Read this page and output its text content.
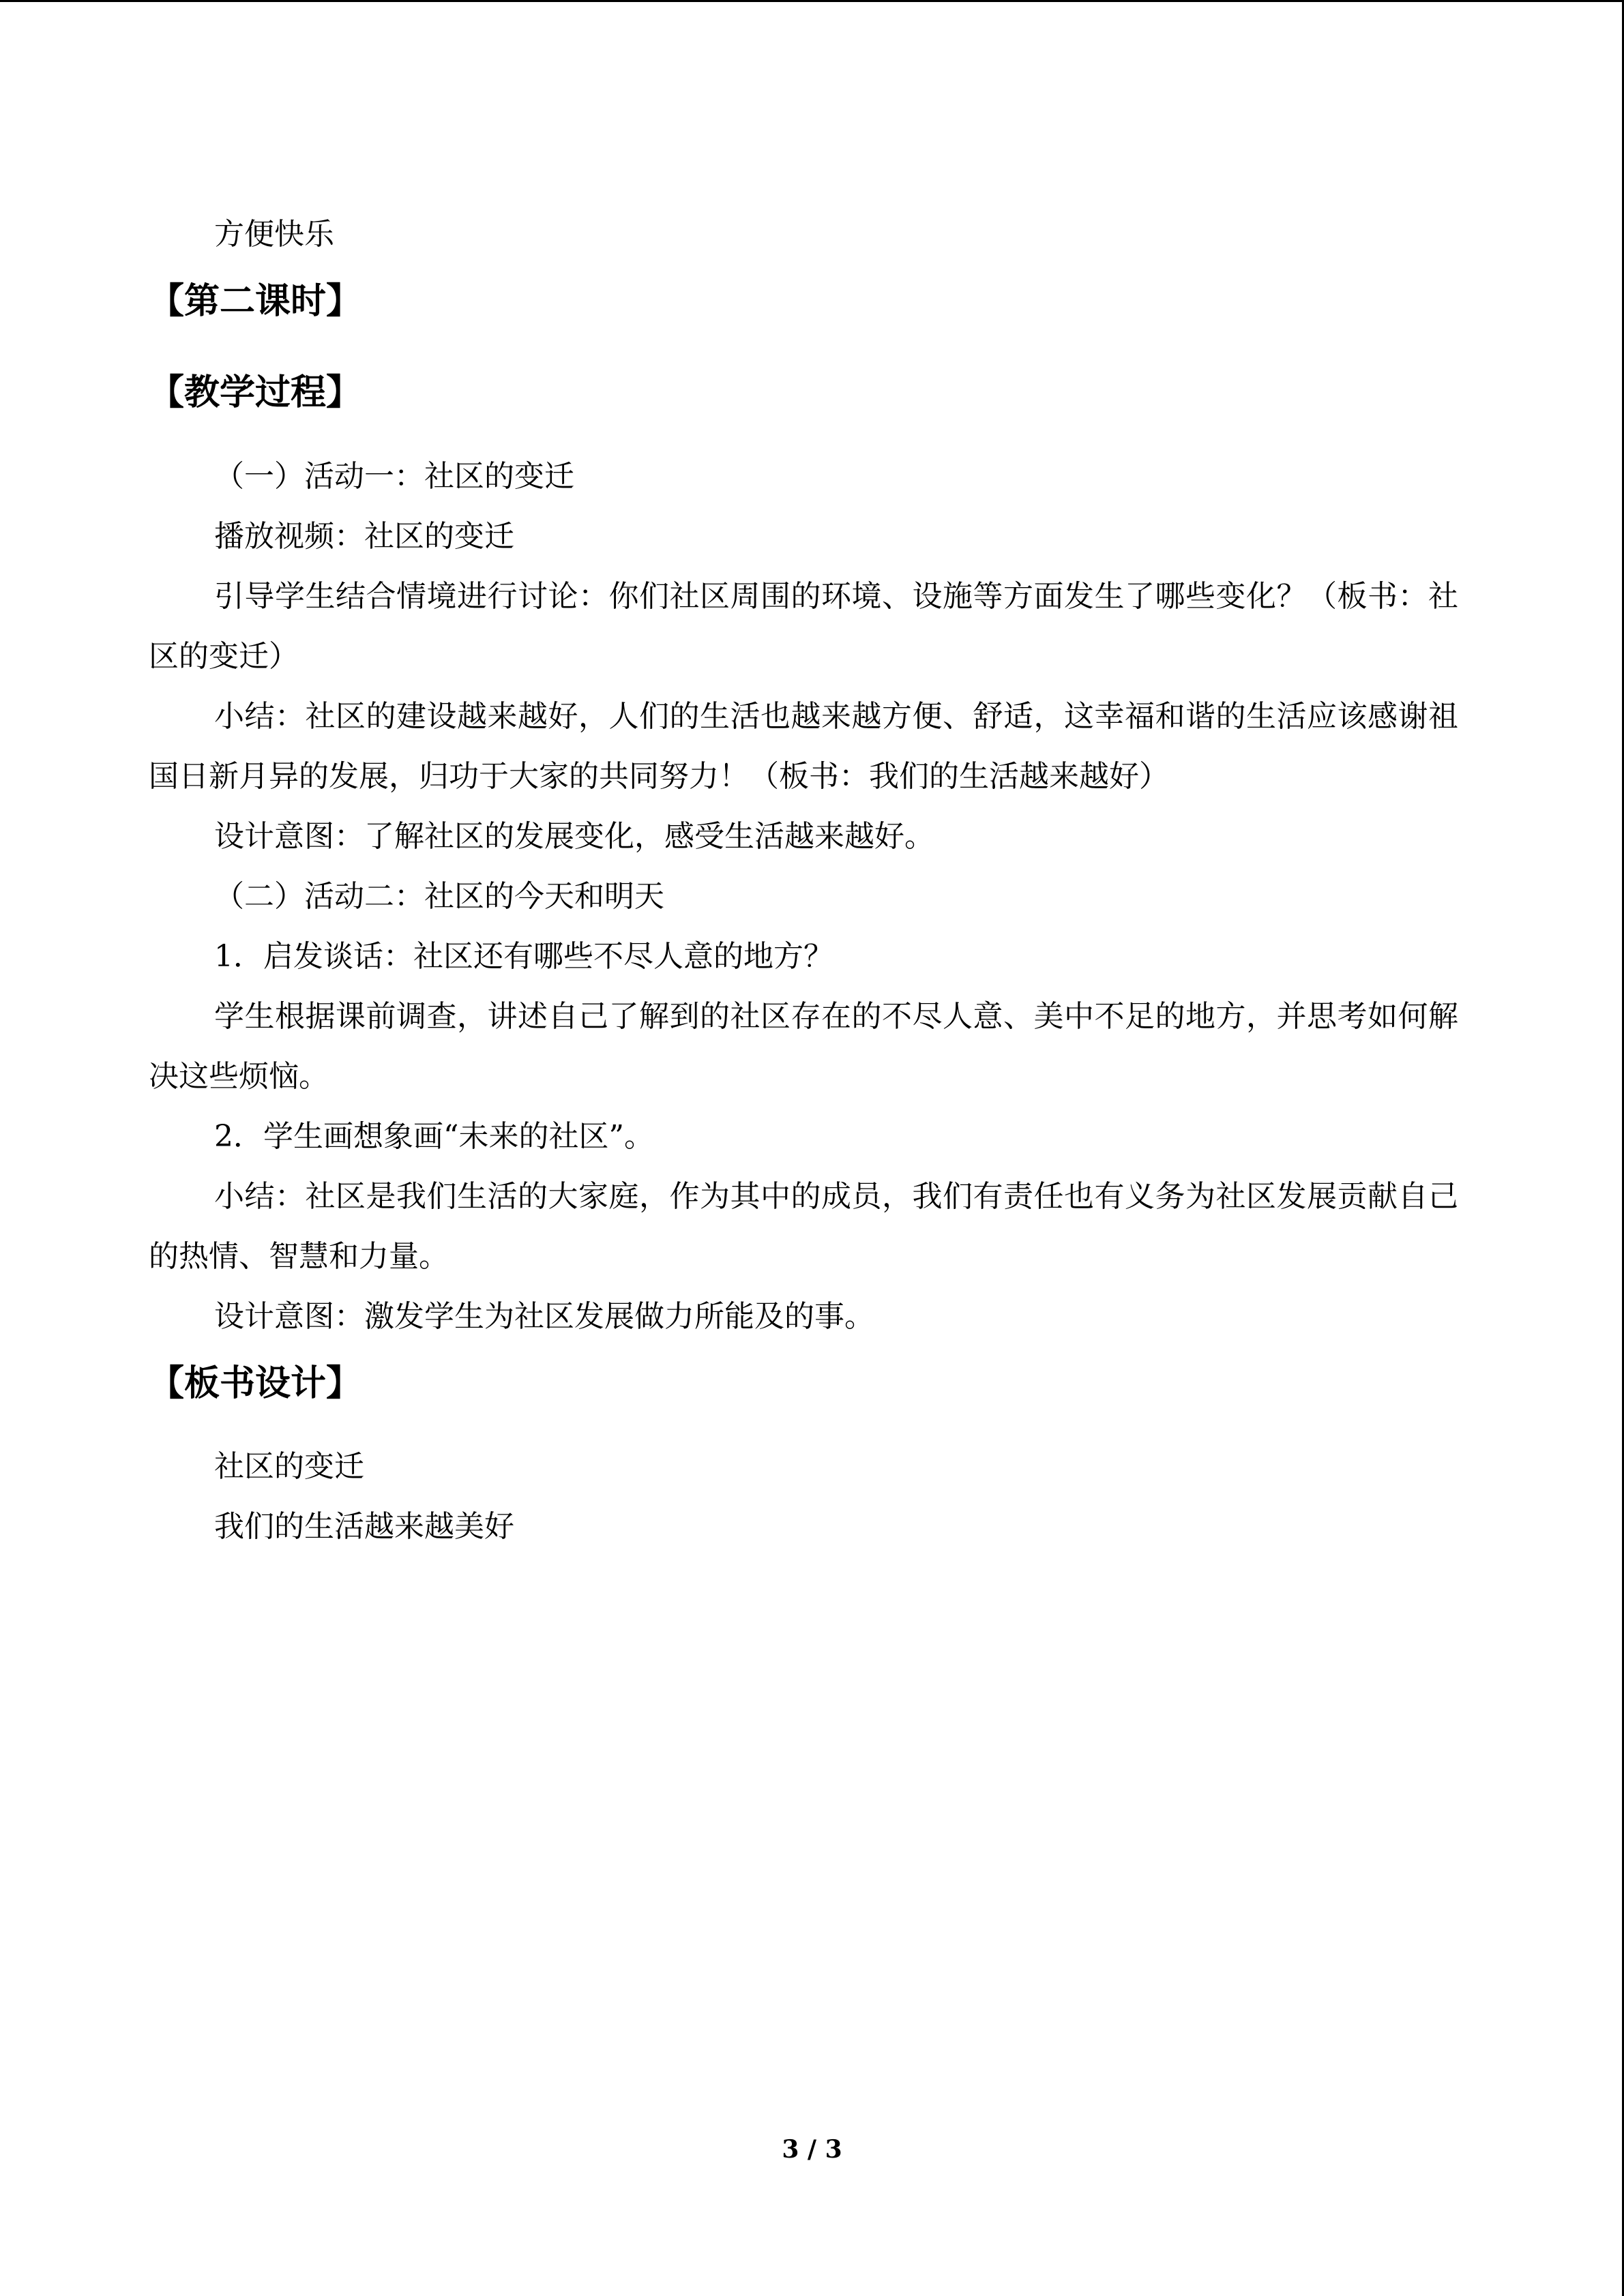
方便快乐
【第二课时】
【教学过程】
（一）活动一：社区的变迁
播放视频：社区的变迁
引导学生结合情境进行讨论：你们社区周围的环境、设施等方面发生了哪些变化？（板书：社区的变迁）
小结：社区的建设越来越好，人们的生活也越来越方便、舒适，这幸福和谐的生活应该感谢祖国日新月异的发展，归功于大家的共同努力！（板书：我们的生活越来越好）
设计意图：了解社区的发展变化，感受生活越来越好。
（二）活动二：社区的今天和明天
1．启发谈话：社区还有哪些不尽人意的地方？
学生根据课前调查，讲述自己了解到的社区存在的不尽人意、美中不足的地方，并思考如何解决这些烦恼。
2．学生画想象画“未来的社区”。
小结：社区是我们生活的大家庭，作为其中的成员，我们有责任也有义务为社区发展贡献自己的热情、智慧和力量。
设计意图：激发学生为社区发展做力所能及的事。
【板书设计】
社区的变迁
我们的生活越来越美好
3 / 3
